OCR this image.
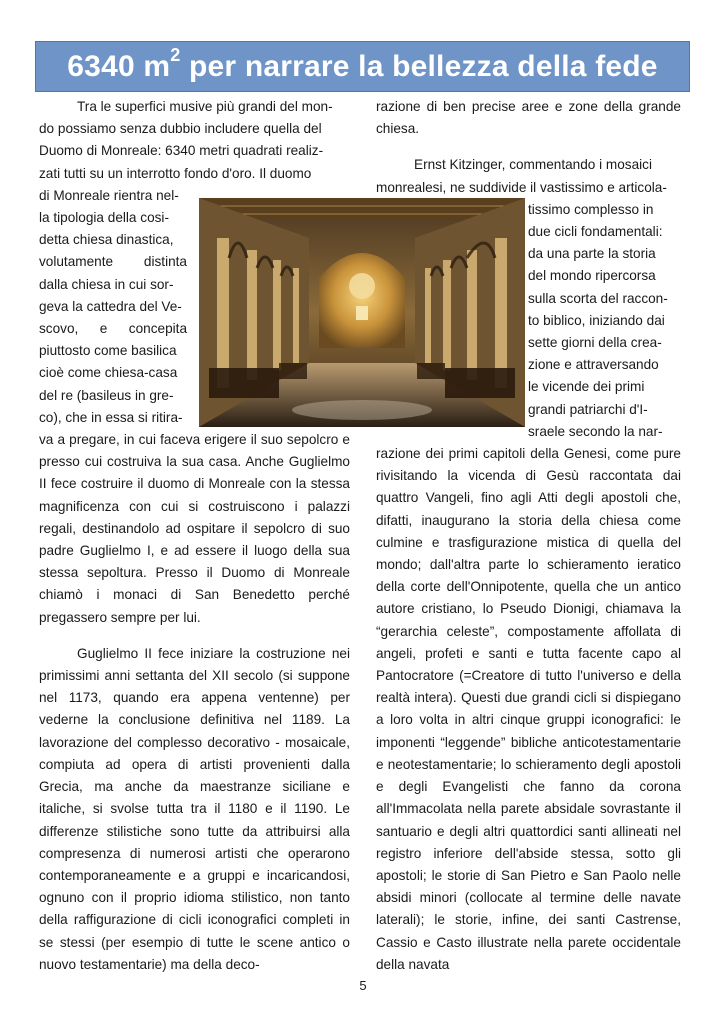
6340 $m^2$ per narrare la bellezza della fede

Tra le superfici musive più grandi del mon-

do possiamo senza dubbio includere quella del

Duomo di Monreale: 6340 metri quadrati realiz-

zati tutti su un interrotto fondo d'oro. Il duomo

di Monreale rientra nel-

la tipologia della cosi-

detta chiesa dinastica,

volutamente distinta

dalla chiesa in cui sor-

geva la cattedra del Ve-

scovo, e concepita

piuttosto come basilica

cioè come chiesa-casa

del re (basileus in gre-

co), che in essa si ritira-

va a pregare, in cui faceva erigere il suo sepolcro e presso cui costruiva la sua casa. Anche Guglielmo II fece costruire il duomo di Monreale con la stessa magnificenza con cui si costruiscono i palazzi regali, destinandolo ad ospitare il sepolcro di suo padre Guglielmo I, e ad essere il luogo della sua stessa sepoltura. Presso il Duomo di Monreale chiamò i monaci di San Benedetto perché pregassero sempre per lui.

Guglielmo II fece iniziare la costruzione nei primissimi anni settanta del XII secolo (si suppone nel 1173, quando era appena ventenne) per vederne la conclusione definitiva nel 1189. La lavorazione del complesso decorativo - mosaicale, compiuta ad opera di artisti provenienti dalla Grecia, ma anche da maestranze siciliane e italiche, si svolse tutta tra il 1180 e il 1190. Le differenze stilistiche sono tutte da attribuirsi alla compresenza di numerosi artisti che operarono contemporaneamente e a gruppi e incaricandosi, ognuno con il proprio idioma stilistico, non tanto della raffigurazione di cicli iconografici completi in se stessi (per esempio di tutte le scene antico o nuovo testamentarie) ma della deco-

razione di ben precise aree e zone della grande chiesa.

Ernst Kitzinger, commentando i mosaici

monrealesi, ne suddivide il vastissimo e articola-

tissimo complesso in

due cicli fondamentali:

da una parte la storia

del mondo ripercorsa

sulla scorta del raccon-

to biblico, iniziando dai

sette giorni della crea-

zione e attraversando

le vicende dei primi

grandi patriarchi d'I-

sraele secondo la nar-

razione dei primi capitoli della Genesi, come pure rivisitando la vicenda di Gesù raccontata dai quattro Vangeli, fino agli Atti degli apostoli che, difatti, inaugurano la storia della chiesa come culmine e trasfigurazione mistica di quella del mondo; dall'altra parte lo schieramento ieratico della corte dell'Onnipotente, quella che un antico autore cristiano, lo Pseudo Dionigi, chiamava la “gerarchia celeste”, compostamente affollata di angeli, profeti e santi e tutta facente capo al Pantocratore (=Creatore di tutto l'universo e della realtà intera). Questi due grandi cicli si dispiegano a loro volta in altri cinque gruppi iconografici: le imponenti “leggende” bibliche anticotestamentarie e neotestamentarie; lo schieramento degli apostoli e degli Evangelisti che fanno da corona all'Immacolata nella parete absidale sovrastante il santuario e degli altri quattordici santi allineati nel registro inferiore dell'abside stessa, sotto gli apostoli; le storie di San Pietro e San Paolo nelle absidi minori (collocate al termine delle navate laterali); le storie, infine, dei santi Castrense, Cassio e Casto illustrate nella parete occidentale della navata

5
